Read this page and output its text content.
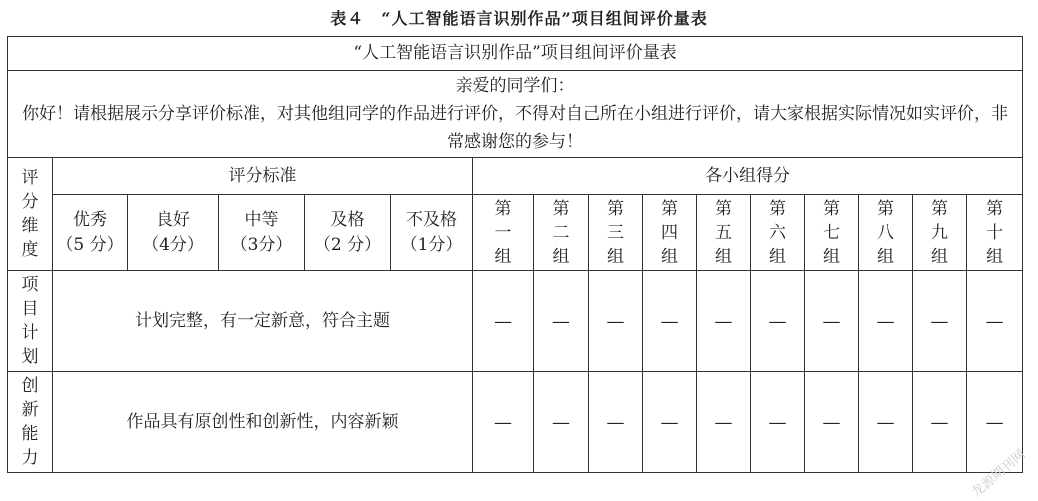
表４　“人工智能语言识别作品”项目组间评价量表
“人工智能语言识别作品”项目组间评价量表															

亲爱的同学们：
你好！请根据展示分享评价标准，对其他组同学的作品进行评价，不得对自己所在小组进行评价，请大家根据实际情况如实评价，非常感谢您的参与！															

评
分
维
度	评分标准					各小组得分									

	优秀
（5 分）	良好
（4分）	中等
（3分）	及格
（2 分）	不及格
（1分）	第
一
组	第
二
组	第
三
组	第
四
组	第
五
组	第
六
组	第
七
组	第
八
组	第
九
组	第
十
组

项
目
计
划	计划完整，有一定新意，符合主题					—	—	—	—	—	—	—	—	—	—

创
新
能
力	作品具有原创性和创新性，内容新颖					—	—	—	—	—	—	—	—	—	—
龙源期刊网
